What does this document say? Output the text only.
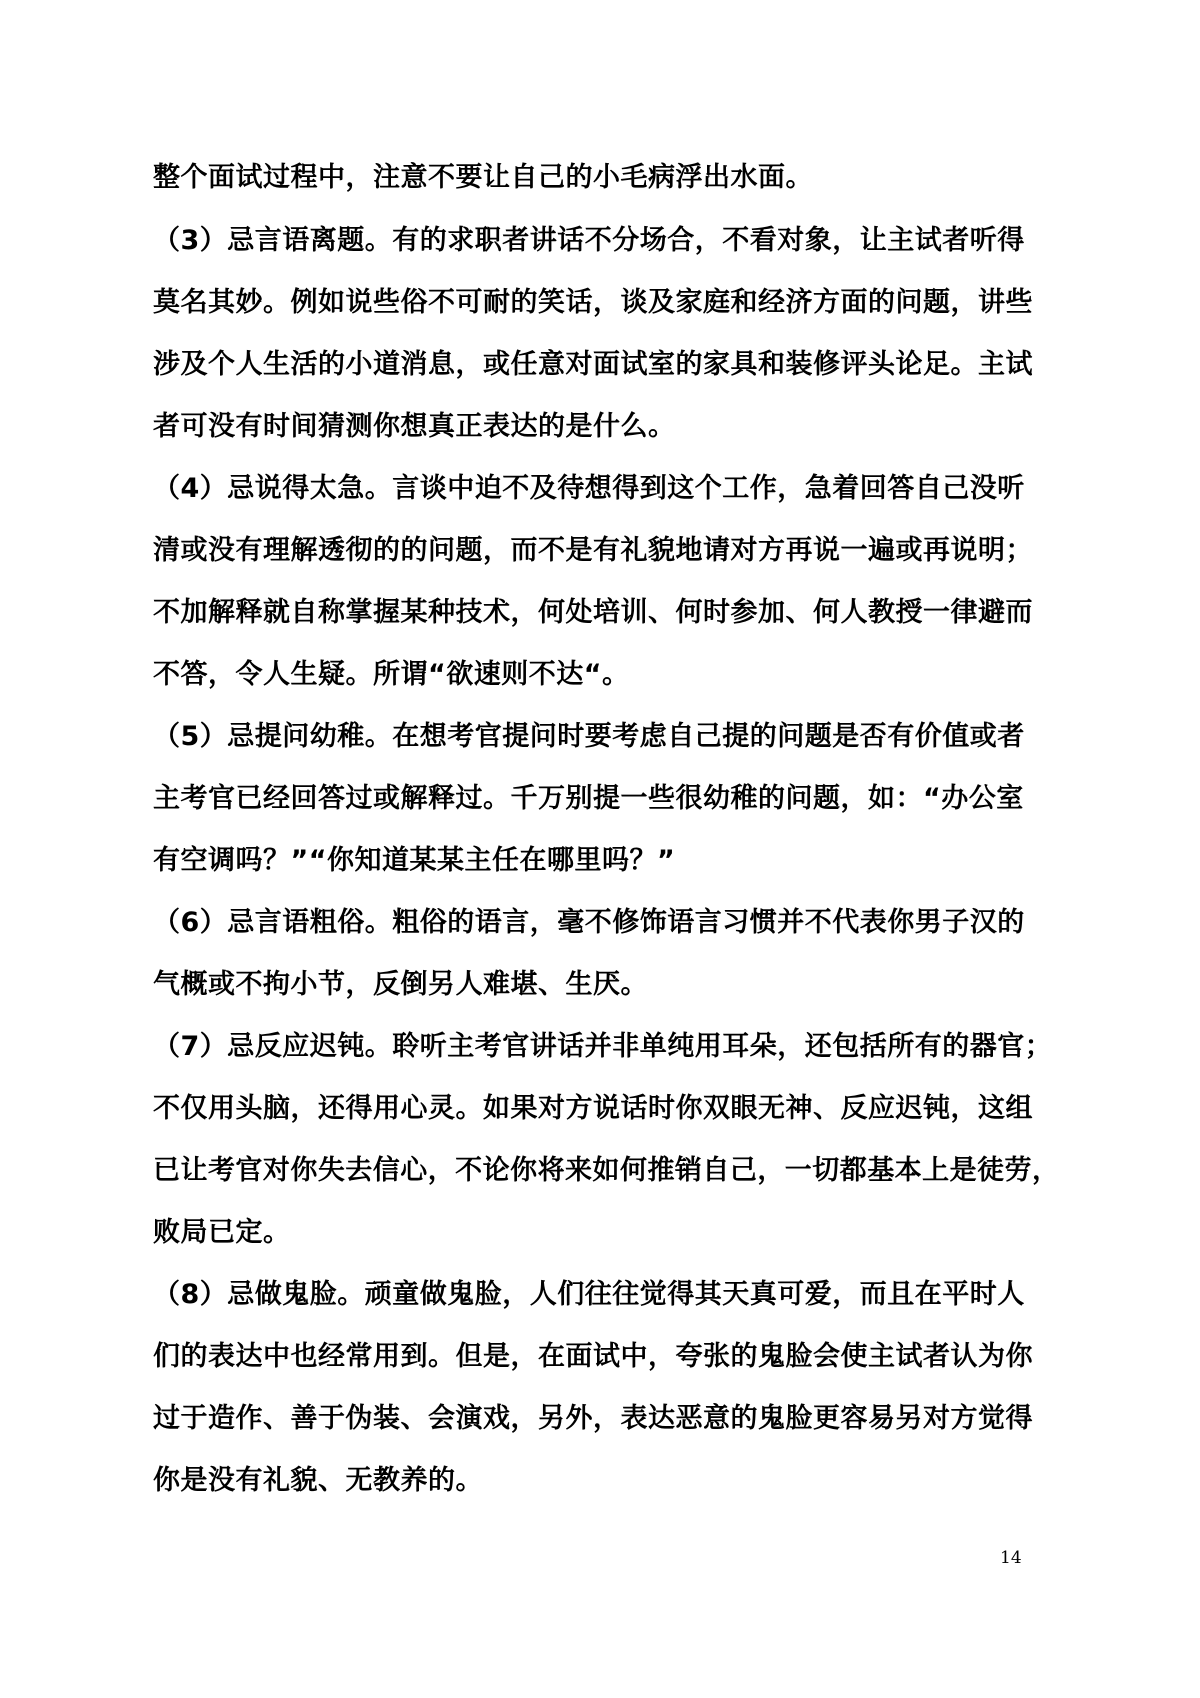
整个面试过程中，注意不要让自己的小毛病浮出水面。
（3）忌言语离题。有的求职者讲话不分场合，不看对象，让主试者听得
莫名其妙。例如说些俗不可耐的笑话，谈及家庭和经济方面的问题，讲些
涉及个人生活的小道消息，或任意对面试室的家具和装修评头论足。主试
者可没有时间猜测你想真正表达的是什么。
（4）忌说得太急。言谈中迫不及待想得到这个工作，急着回答自己没听
清或没有理解透彻的的问题，而不是有礼貌地请对方再说一遍或再说明；
不加解释就自称掌握某种技术，何处培训、何时参加、何人教授一律避而
不答，令人生疑。所谓“欲速则不达“。
（5）忌提问幼稚。在想考官提问时要考虑自己提的问题是否有价值或者
主考官已经回答过或解释过。千万别提一些很幼稚的问题，如：“办公室
有空调吗？”“你知道某某主任在哪里吗？”
（6）忌言语粗俗。粗俗的语言，毫不修饰语言习惯并不代表你男子汉的
气概或不拘小节，反倒另人难堪、生厌。
（7）忌反应迟钝。聆听主考官讲话并非单纯用耳朵，还包括所有的器官；
不仅用头脑，还得用心灵。如果对方说话时你双眼无神、反应迟钝，这组
已让考官对你失去信心，不论你将来如何推销自己，一切都基本上是徒劳，
败局已定。
（8）忌做鬼脸。顽童做鬼脸，人们往往觉得其天真可爱，而且在平时人
们的表达中也经常用到。但是，在面试中，夸张的鬼脸会使主试者认为你
过于造作、善于伪装、会演戏，另外，表达恶意的鬼脸更容易另对方觉得
你是没有礼貌、无教养的。
14
